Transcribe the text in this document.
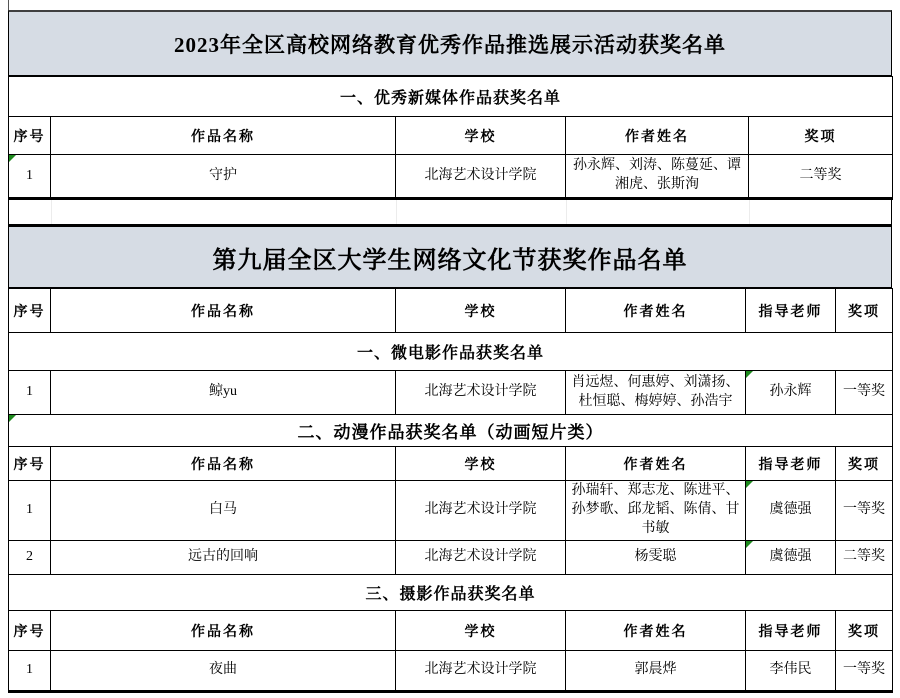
2023年全区高校网络教育优秀作品推选展示活动获奖名单
一、优秀新媒体作品获奖名单				
序号	作品名称	学校	作者姓名	奖项
1	守护	北海艺术设计学院	孙永辉、刘涛、陈蔓延、谭湘虎、张斯洵	二等奖
第九届全区大学生网络文化节获奖作品名单
序号	作品名称	学校	作者姓名	指导老师	奖项
一、微电影作品获奖名单					
1	鲸yu	北海艺术设计学院	肖远煜、何惠婷、刘潇扬、杜恒聪、梅婷婷、孙浩宇	孙永辉	一等奖
二、动漫作品获奖名单（动画短片类）					
序号	作品名称	学校	作者姓名	指导老师	奖项
1	白马	北海艺术设计学院	孙瑞轩、郑志龙、陈进平、孙梦歌、邱龙韬、陈倩、甘书敏	虞德强	一等奖
2	远古的回响	北海艺术设计学院	杨雯聪	虞德强	二等奖
三、摄影作品获奖名单					
序号	作品名称	学校	作者姓名	指导老师	奖项
1	夜曲	北海艺术设计学院	郭晨烨	李伟民	一等奖
